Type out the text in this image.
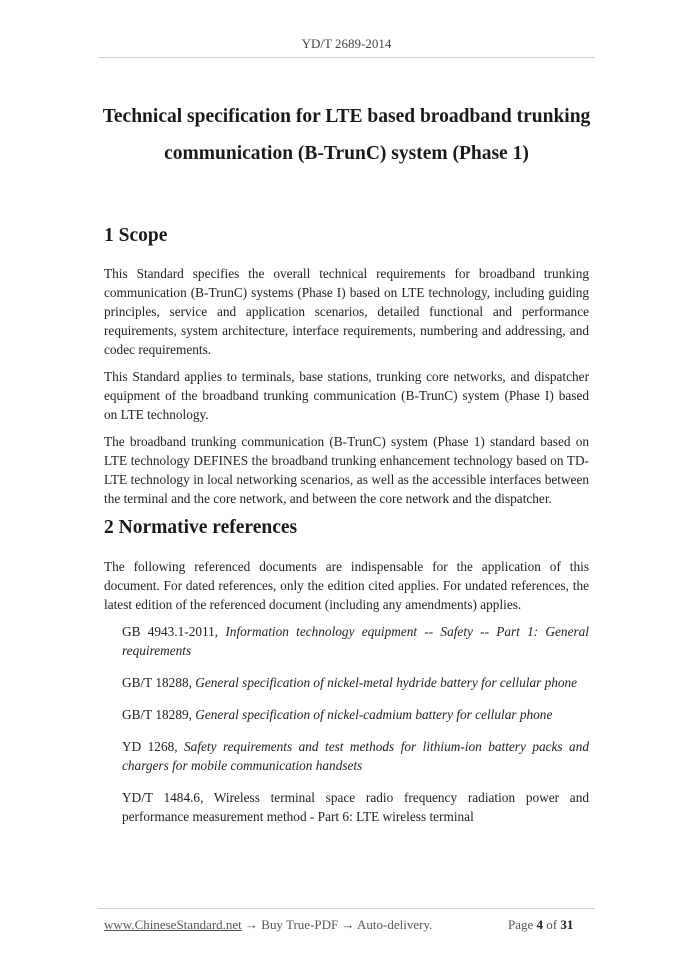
YD/T 2689-2014
Technical specification for LTE based broadband trunking
communication (B-TrunC) system (Phase 1)
1 Scope

This Standard specifies the overall technical requirements for broadband trunking communication (B-TrunC) systems (Phase I) based on LTE technology, including guiding principles, service and application scenarios, detailed functional and performance requirements, system architecture, interface requirements, numbering and addressing, and codec requirements.

This Standard applies to terminals, base stations, trunking core networks, and dispatcher equipment of the broadband trunking communication (B-TrunC) system (Phase I) based on LTE technology.

The broadband trunking communication (B-TrunC) system (Phase 1) standard based on LTE technology DEFINES the broadband trunking enhancement technology based on TD-LTE technology in local networking scenarios, as well as the accessible interfaces between the terminal and the core network, and between the core network and the dispatcher.

2 Normative references

The following referenced documents are indispensable for the application of this document. For dated references, only the edition cited applies. For undated references, the latest edition of the referenced document (including any amendments) applies.

GB 4943.1-2011, Information technology equipment -- Safety -- Part 1: General requirements
GB/T 18288, General specification of nickel-metal hydride battery for cellular phone
GB/T 18289, General specification of nickel-cadmium battery for cellular phone
YD 1268, Safety requirements and test methods for lithium-ion battery packs and chargers for mobile communication handsets
YD/T 1484.6, Wireless terminal space radio frequency radiation power and performance measurement method - Part 6: LTE wireless terminal
www.ChineseStandard.net → Buy True-PDF → Auto-delivery.	Page 4 of 31
